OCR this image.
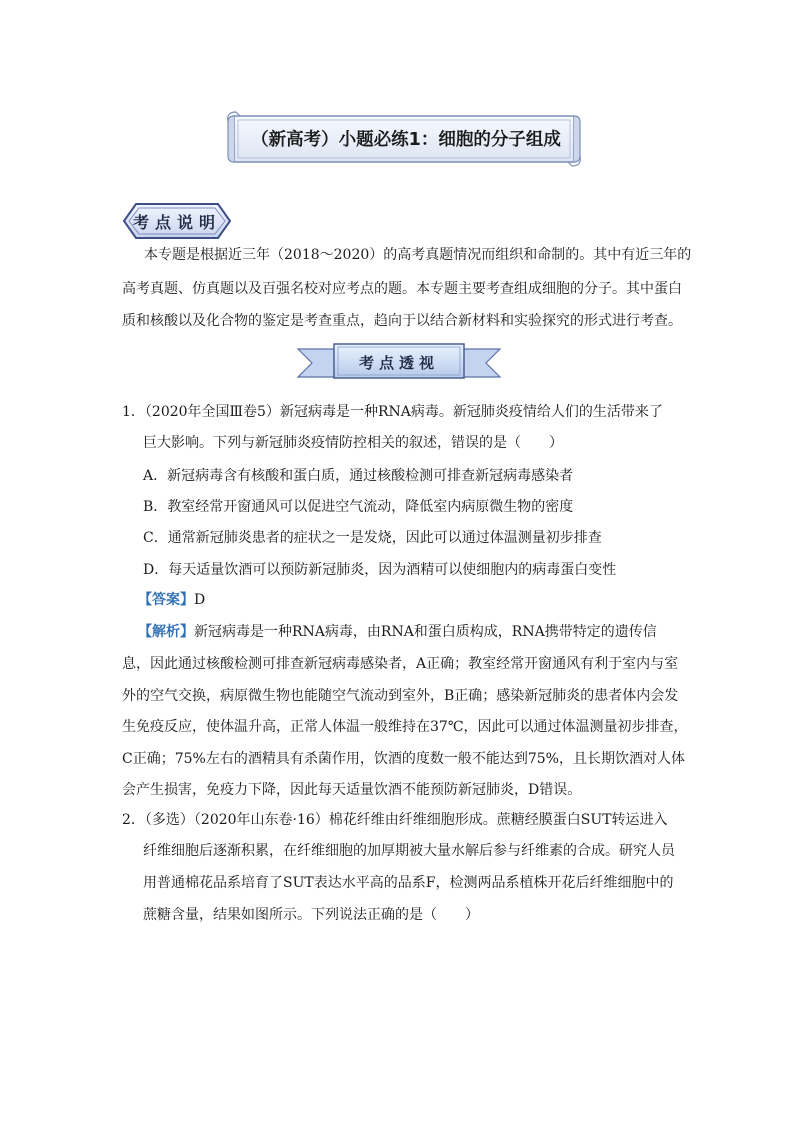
（新高考）小题必练1：细胞的分子组成
考点说明
本专题是根据近三年（2018～2020）的高考真题情况而组织和命制的。其中有近三年的
高考真题、仿真题以及百强名校对应考点的题。本专题主要考查组成细胞的分子。其中蛋白
质和核酸以及化合物的鉴定是考查重点，趋向于以结合新材料和实验探究的形式进行考查。
考点透视
1．（2020年全国Ⅲ卷5）新冠病毒是一种RNA病毒。新冠肺炎疫情给人们的生活带来了
巨大影响。下列与新冠肺炎疫情防控相关的叙述，错误的是（　　）
A．新冠病毒含有核酸和蛋白质，通过核酸检测可排查新冠病毒感染者
B．教室经常开窗通风可以促进空气流动，降低室内病原微生物的密度
C．通常新冠肺炎患者的症状之一是发烧，因此可以通过体温测量初步排查
D．每天适量饮酒可以预防新冠肺炎，因为酒精可以使细胞内的病毒蛋白变性
【答案】D
【解析】新冠病毒是一种RNA病毒，由RNA和蛋白质构成，RNA携带特定的遗传信
息，因此通过核酸检测可排查新冠病毒感染者，A正确；教室经常开窗通风有利于室内与室
外的空气交换，病原微生物也能随空气流动到室外，B正确；感染新冠肺炎的患者体内会发
生免疫反应，使体温升高，正常人体温一般维持在37℃，因此可以通过体温测量初步排查，
C正确；75%左右的酒精具有杀菌作用，饮酒的度数一般不能达到75%，且长期饮酒对人体
会产生损害，免疫力下降，因此每天适量饮酒不能预防新冠肺炎，D错误。
2．（多选）（2020年山东卷·16）棉花纤维由纤维细胞形成。蔗糖经膜蛋白SUT转运进入
纤维细胞后逐渐积累，在纤维细胞的加厚期被大量水解后参与纤维素的合成。研究人员
用普通棉花品系培育了SUT表达水平高的品系F，检测两品系植株开花后纤维细胞中的
蔗糖含量，结果如图所示。下列说法正确的是（　　）
